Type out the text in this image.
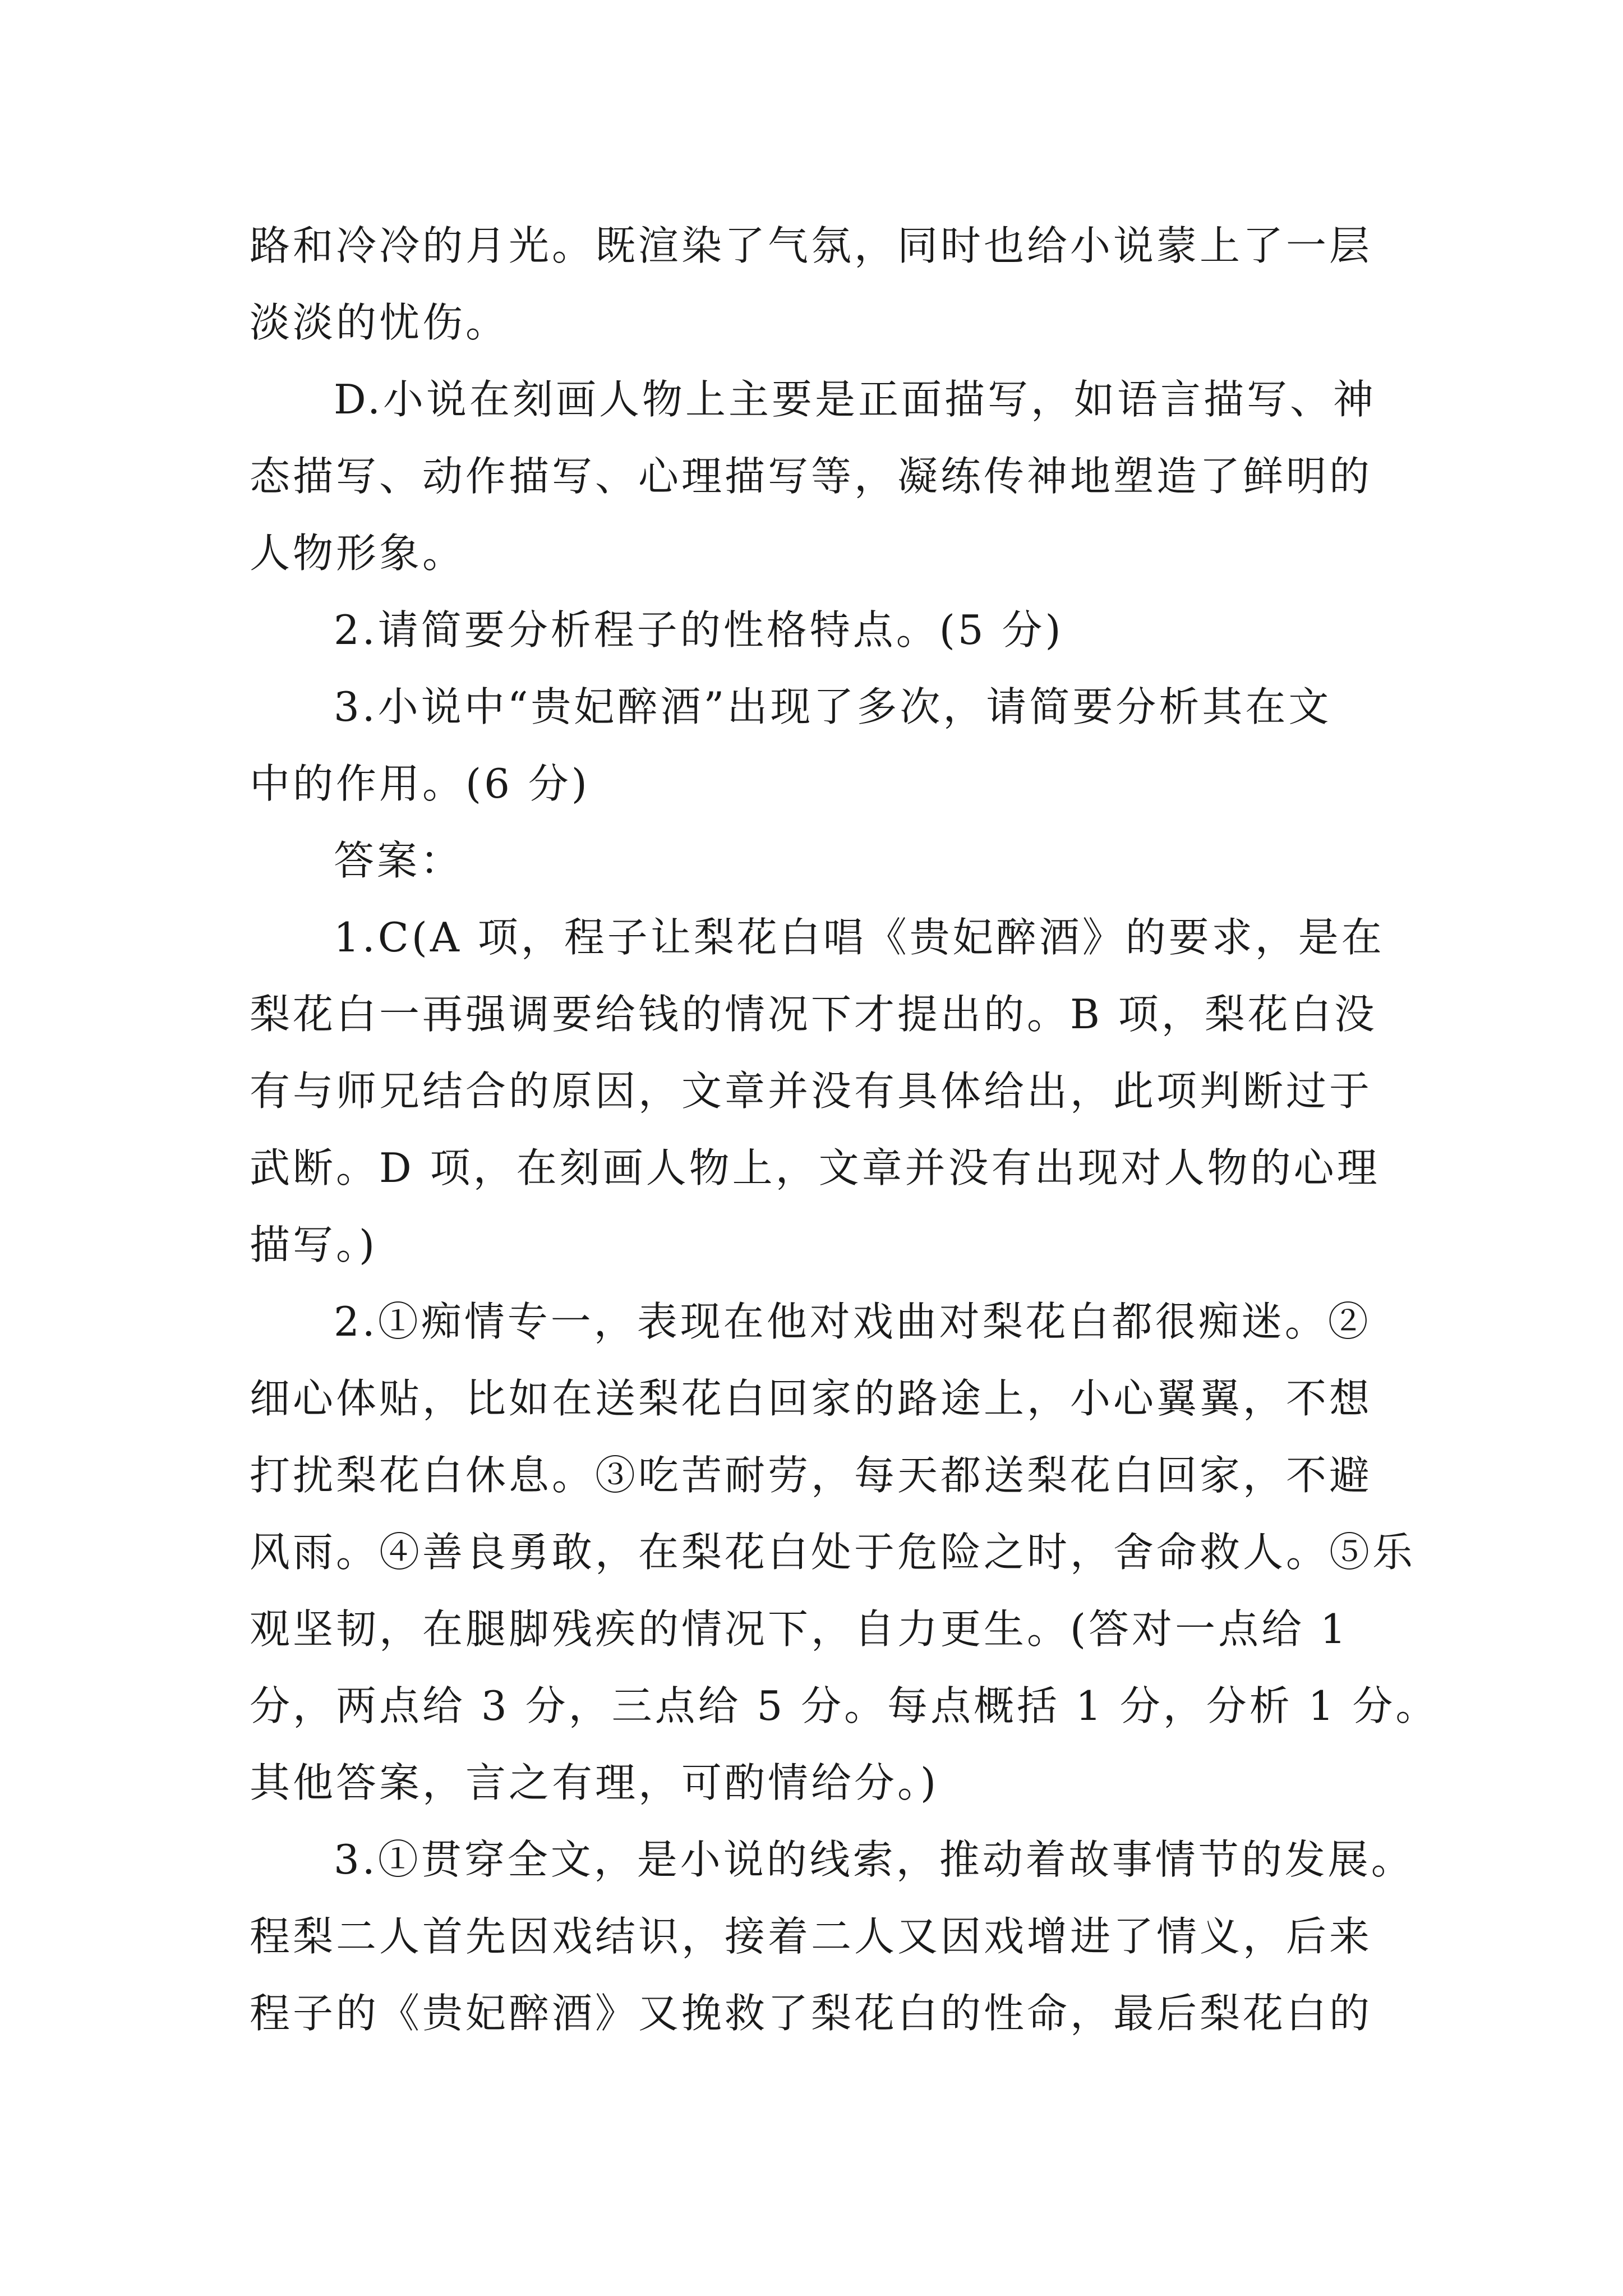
路和冷冷的月光。既渲染了气氛，同时也给小说蒙上了一层
淡淡的忧伤。

D.小说在刻画人物上主要是正面描写，如语言描写、神
态描写、动作描写、心理描写等，凝练传神地塑造了鲜明的
人物形象。

2.请简要分析程子的性格特点。(5 分)

3.小说中“贵妃醉酒”出现了多次，请简要分析其在文
中的作用。(6 分)

答案：

1.C(A 项，程子让梨花白唱《贵妃醉酒》的要求，是在
梨花白一再强调要给钱的情况下才提出的。B 项，梨花白没
有与师兄结合的原因，文章并没有具体给出，此项判断过于
武断。D 项，在刻画人物上，文章并没有出现对人物的心理
描写。)

2.①痴情专一，表现在他对戏曲对梨花白都很痴迷。②
细心体贴，比如在送梨花白回家的路途上，小心翼翼，不想
打扰梨花白休息。③吃苦耐劳，每天都送梨花白回家，不避
风雨。④善良勇敢，在梨花白处于危险之时，舍命救人。⑤乐
观坚韧，在腿脚残疾的情况下，自力更生。(答对一点给 1
分，两点给 3 分，三点给 5 分。每点概括 1 分，分析 1 分。
其他答案，言之有理，可酌情给分。)

3.①贯穿全文，是小说的线索，推动着故事情节的发展。
程梨二人首先因戏结识，接着二人又因戏增进了情义，后来
程子的《贵妃醉酒》又挽救了梨花白的性命，最后梨花白的
